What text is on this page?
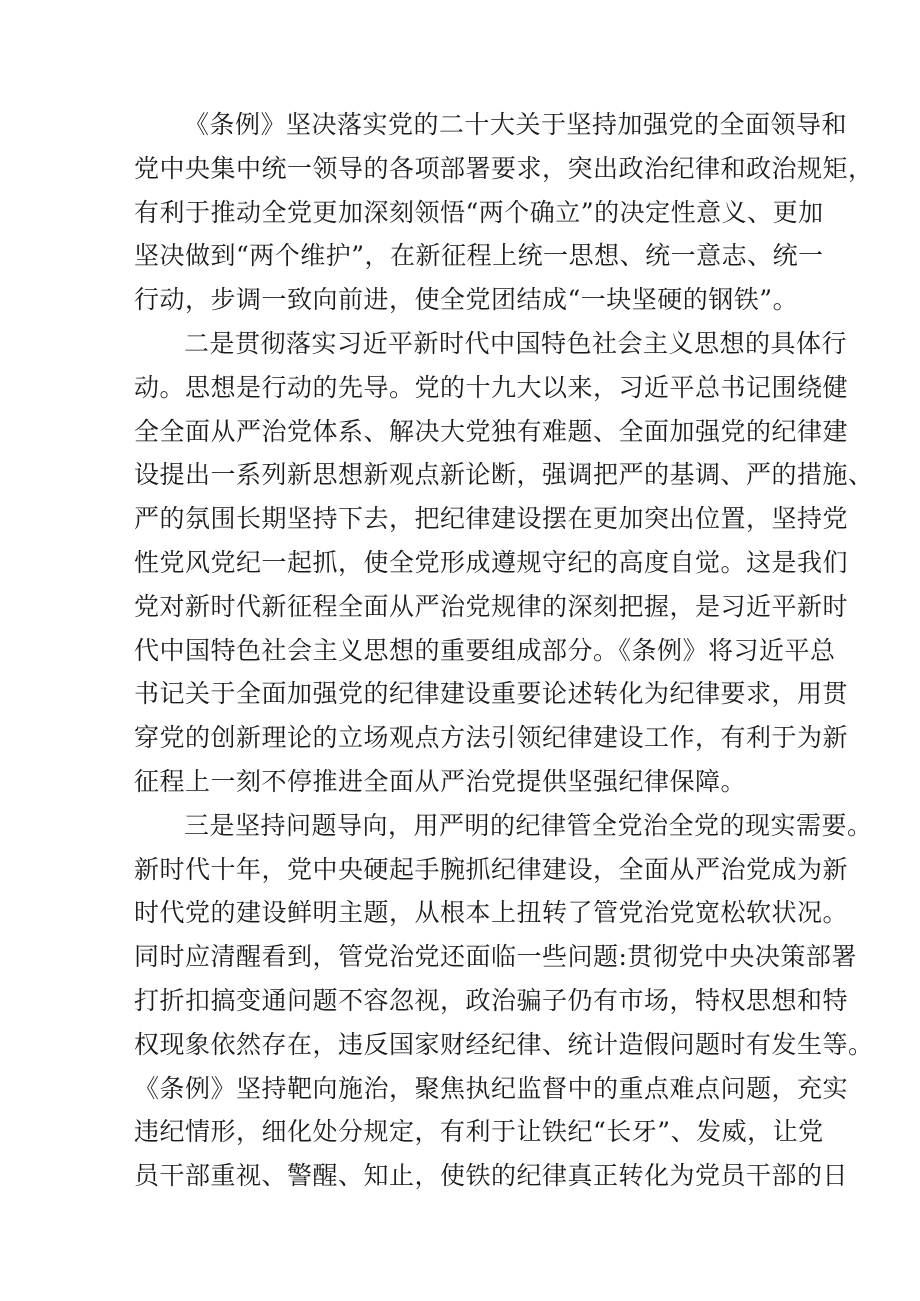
《条例》坚决落实党的二十大关于坚持加强党的全面领导和
党中央集中统一领导的各项部署要求，突出政治纪律和政治规矩，
有利于推动全党更加深刻领悟“两个确立”的决定性意义、更加
坚决做到“两个维护”，在新征程上统一思想、统一意志、统一
行动，步调一致向前进，使全党团结成“一块坚硬的钢铁”。
二是贯彻落实习近平新时代中国特色社会主义思想的具体行
动。思想是行动的先导。党的十九大以来，习近平总书记围绕健
全全面从严治党体系、解决大党独有难题、全面加强党的纪律建
设提出一系列新思想新观点新论断，强调把严的基调、严的措施、
严的氛围长期坚持下去，把纪律建设摆在更加突出位置，坚持党
性党风党纪一起抓，使全党形成遵规守纪的高度自觉。这是我们
党对新时代新征程全面从严治党规律的深刻把握，是习近平新时
代中国特色社会主义思想的重要组成部分。《条例》将习近平总
书记关于全面加强党的纪律建设重要论述转化为纪律要求，用贯
穿党的创新理论的立场观点方法引领纪律建设工作，有利于为新
征程上一刻不停推进全面从严治党提供坚强纪律保障。
三是坚持问题导向，用严明的纪律管全党治全党的现实需要。
新时代十年，党中央硬起手腕抓纪律建设，全面从严治党成为新
时代党的建设鲜明主题，从根本上扭转了管党治党宽松软状况。
同时应清醒看到，管党治党还面临一些问题:贯彻党中央决策部署
打折扣搞变通问题不容忽视，政治骗子仍有市场，特权思想和特
权现象依然存在，违反国家财经纪律、统计造假问题时有发生等。
《条例》坚持靶向施治，聚焦执纪监督中的重点难点问题，充实
违纪情形，细化处分规定，有利于让铁纪“长牙”、发威，让党
员干部重视、警醒、知止，使铁的纪律真正转化为党员干部的日
